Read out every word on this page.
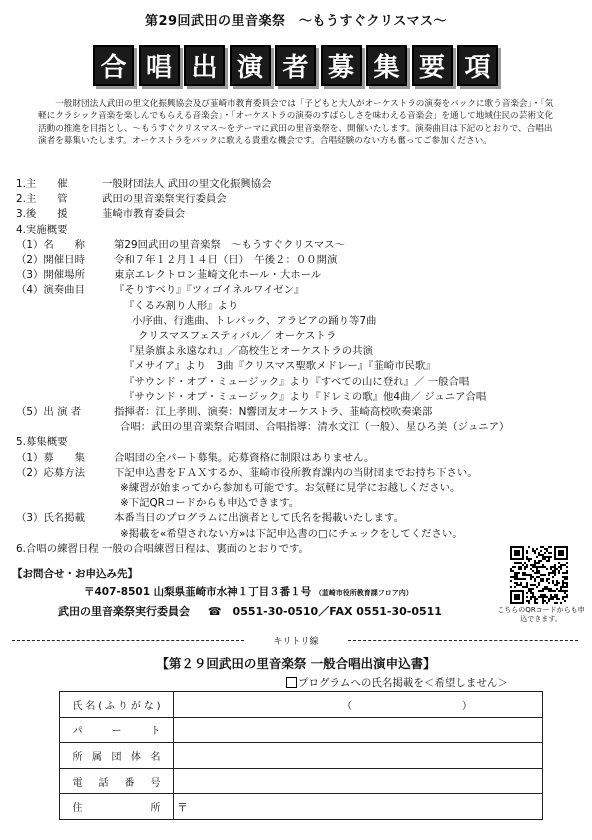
第29回武田の里音楽祭　～もうすぐクリスマス～
合 唱 出 演 者 募 集 要 項

一般財団法人武田の里文化振興協会及び韮崎市教育委員会では「子どもと大人がオーケストラの演奏をバックに歌う音楽会」・「気軽にクラシック音楽を楽しんでもらえる音楽会」・「オーケストラの演奏のすばらしさを味わえる音楽会」を通して地域住民の芸術文化活動の推進を目指とし、～もうすぐクリスマス～をテーマに武田の里音楽祭を、開催いたします。演奏曲目は下記のとおりで、合唱出演者を募集いたします。オーケストラをバックに歌える貴重な機会です。合唱経験のない方も奮ってご参加ください。

1.主　　催	一般財団法人 武田の里文化振興協会
2.主　　管	武田の里音楽祭実行委員会
3.後　　援	韮崎市教育委員会
4.実施概要
（1）名　　称	第29回武田の里音楽祭　～もうすぐクリスマス～
（2）開催日時	令和７年１２月１４日（日）　午後２：００開演
（3）開催場所	東京エレクトロン韮崎文化ホール・大ホール
（4）演奏曲目	『そりすべり』『ツィゴイネルワイゼン』
『くるみ割り人形』より
小序曲、行進曲、トレパック、アラビアの踊り等7曲
クリスマスフェスティバル／ オーケストラ
『星条旗よ永遠なれ』／高校生とオーケストラの共演
『メサイア』より　3曲『クリスマス聖歌メドレー』『韮崎市民歌』
『サウンド・オブ・ミュージック』より『すべての山に登れ』／ 一般合唱
『サウンド・オブ・ミュージック』より『ドレミの歌』他4曲／ ジュニア合唱
（5）出 演 者	指揮者：江上孝則、演奏：N響団友オーケストラ、韮崎高校吹奏楽部
合唱：武田の里音楽祭合唱団、合唱指導：清水文江（一般）、星ひろ美（ジュニア）
5.募集概要
（1）募　　集	合唱団の全パート募集。応募資格に制限はありません。
（2）応募方法	下記申込書をＦＡＸするか、韮崎市役所教育課内の当財団までお持ち下さい。
※練習が始まってから参加も可能です。お気軽に見学にお越しください。
※下記QRコードからも申込できます。
（3）氏名掲載	本番当日のプログラムに出演者として氏名を掲載いたします。
※掲載を«希望されない方»は下記申込書の□にチェックをしてください。
6.合唱の練習日程 一般の合唱練習日程は、裏面のとおりです。
こちらのQRコードからも申込できます。
【お問合せ・お申込み先】
〒407-8501 山梨県韮崎市水神１丁目３番１号 （韮崎市役所教育課フロア内）
武田の里音楽祭実行委員会 ☎　0551-30-0510／FAX 0551-30-0511
キリトリ線
【第２９回武田の里音楽祭 一般合唱出演申込書】
プログラムへの氏名掲載を＜希望しません＞
氏名(ふりがな)	（　　　　　　　　　　　）
パート	
所属団体名	
電話番号	
住所	〒
